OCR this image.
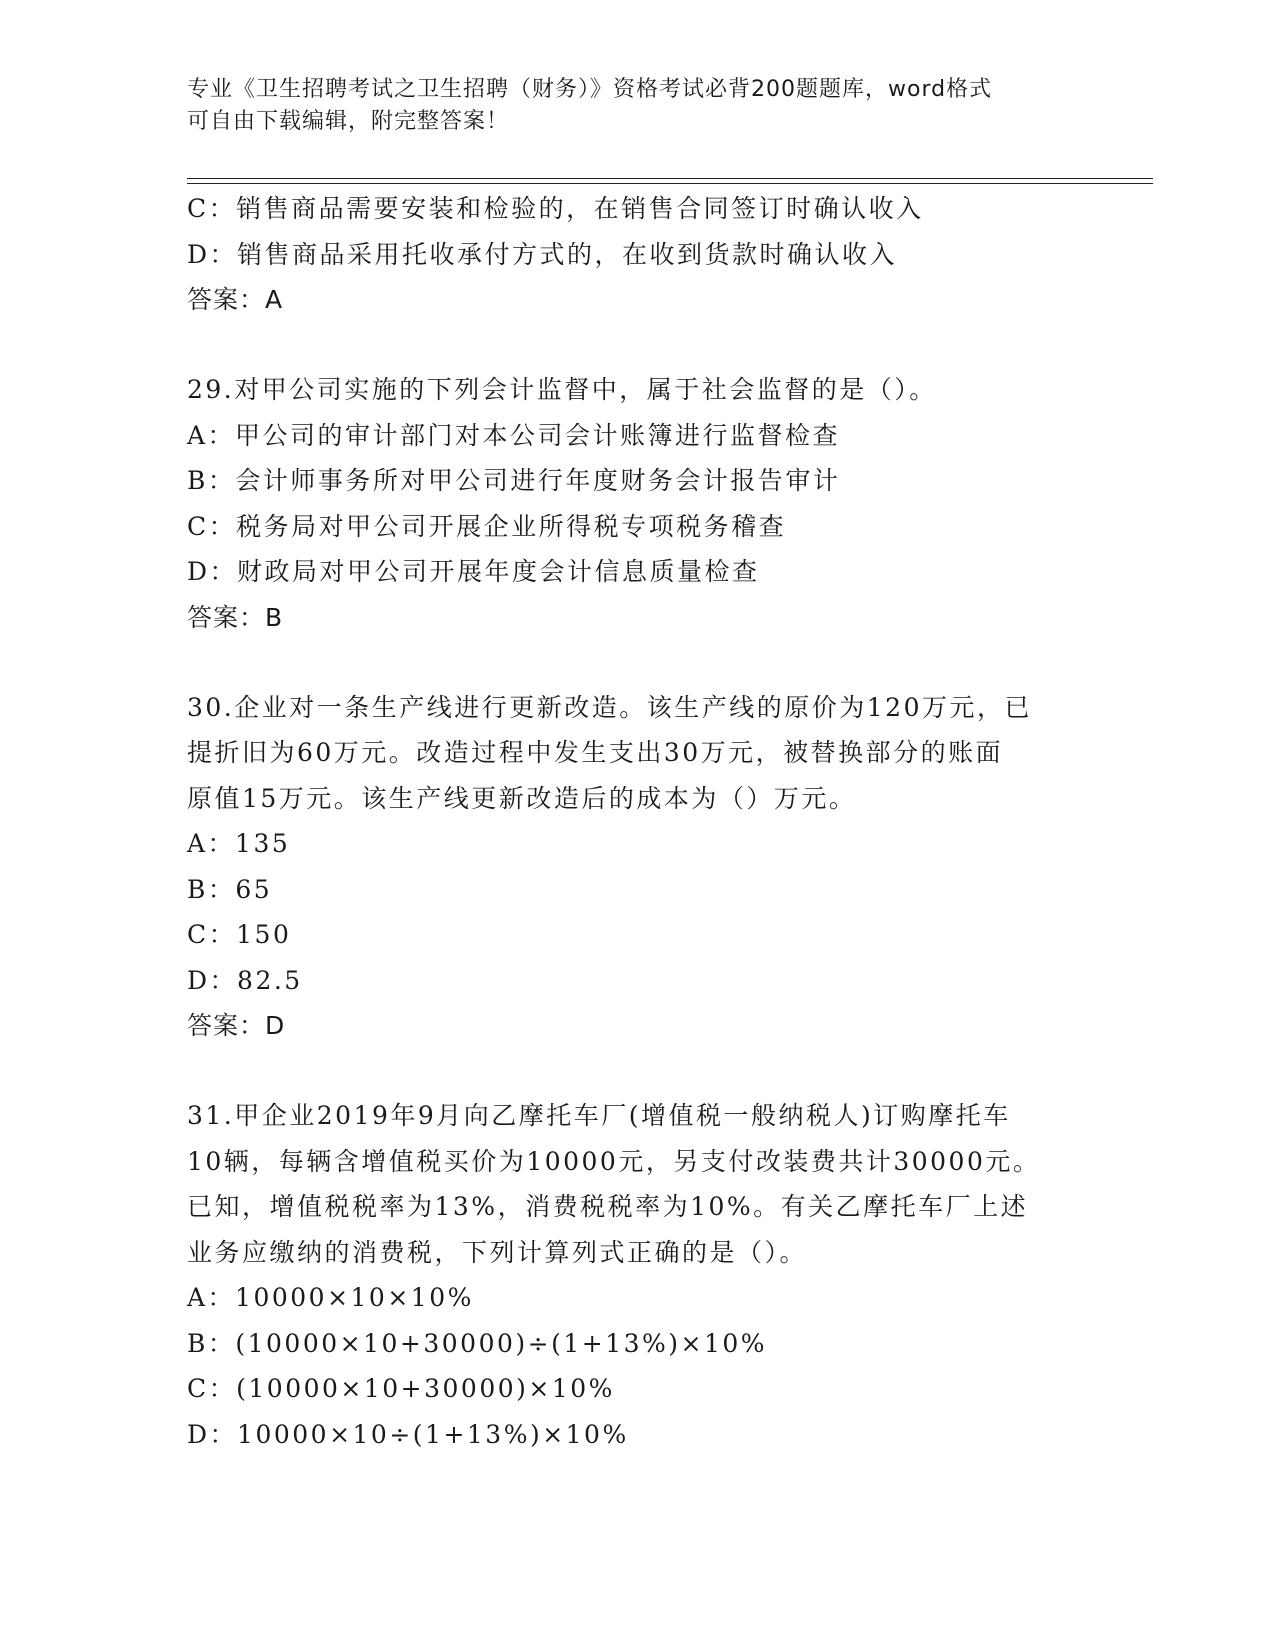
专业《卫生招聘考试之卫生招聘（财务）》资格考试必背200题题库，word格式
可自由下载编辑，附完整答案！
C：销售商品需要安装和检验的，在销售合同签订时确认收入
D：销售商品采用托收承付方式的，在收到货款时确认收入
答案：A
29.对甲公司实施的下列会计监督中，属于社会监督的是（）。
A：甲公司的审计部门对本公司会计账簿进行监督检查
B：会计师事务所对甲公司进行年度财务会计报告审计
C：税务局对甲公司开展企业所得税专项税务稽查
D：财政局对甲公司开展年度会计信息质量检查
答案：B
30.企业对一条生产线进行更新改造。该生产线的原价为120万元，已
提折旧为60万元。改造过程中发生支出30万元，被替换部分的账面
原值15万元。该生产线更新改造后的成本为（）万元。
A：135
B：65
C：150
D：82.5
答案：D
31.甲企业2019年9月向乙摩托车厂(增值税一般纳税人)订购摩托车
10辆，每辆含增值税买价为10000元，另支付改装费共计30000元。
已知，增值税税率为13%，消费税税率为10%。有关乙摩托车厂上述
业务应缴纳的消费税，下列计算列式正确的是（）。
A：10000×10×10%
B：(10000×10+30000)÷(1+13%)×10%
C：(10000×10+30000)×10%
D：10000×10÷(1+13%)×10%
